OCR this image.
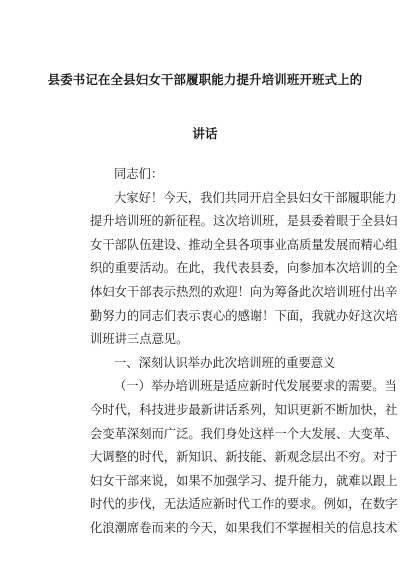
县委书记在全县妇女干部履职能力提升培训班开班式上的
讲话

同志们：

大家好！今天，我们共同开启全县妇女干部履职能力

提升培训班的新征程。这次培训班，是县委着眼于全县妇

女干部队伍建设、推动全县各项事业高质量发展而精心组

织的重要活动。在此，我代表县委，向参加本次培训的全

体妇女干部表示热烈的欢迎！向为筹备此次培训班付出辛

勤努力的同志们表示衷心的感谢！下面，我就办好这次培

训班讲三点意见。

一、深刻认识举办此次培训班的重要意义

（一）举办培训班是适应新时代发展要求的需要。当

今时代，科技进步最新讲话系列，知识更新不断加快，社

会变革深刻而广泛。我们身处这样一个大发展、大变革、

大调整的时代，新知识、新技能、新观念层出不穷。对于

妇女干部来说，如果不加强学习、提升能力，就难以跟上

时代的步伐，无法适应新时代工作的要求。例如，在数字

化浪潮席卷而来的今天，如果我们不掌握相关的信息技术
